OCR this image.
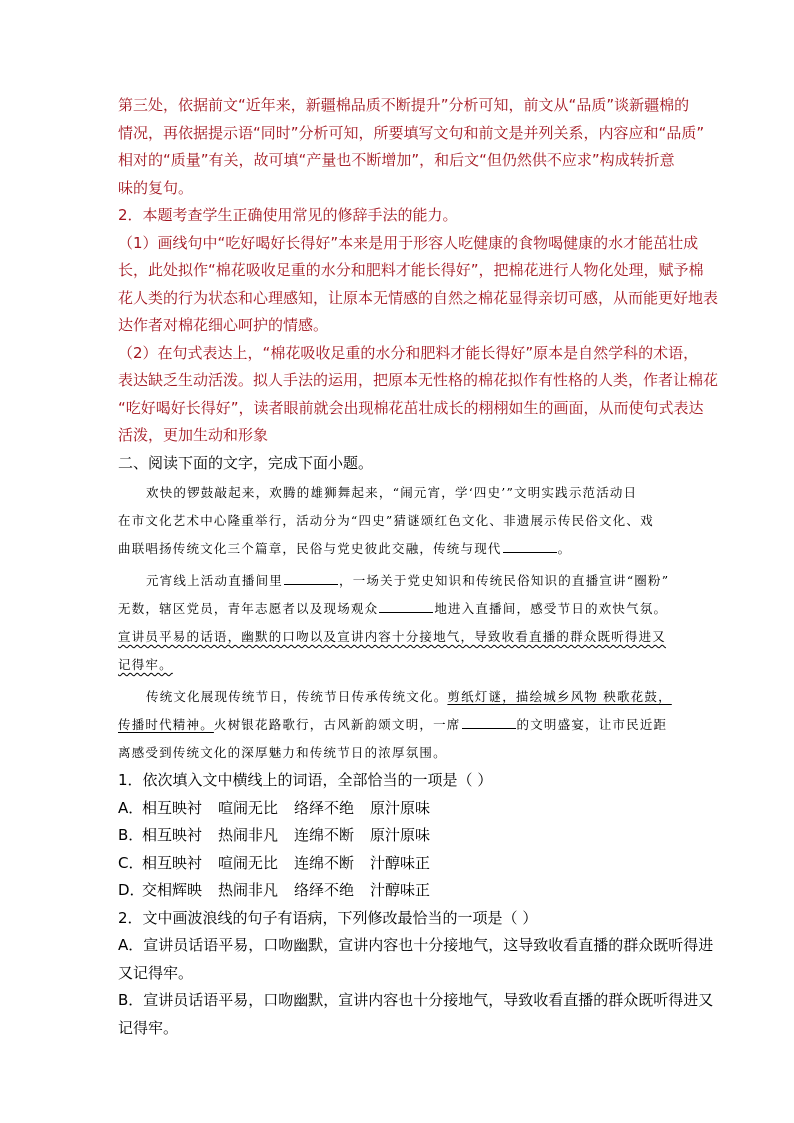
第三处，依据前文“近年来，新疆棉品质不断提升”分析可知，前文从“品质”谈新疆棉的
情况，再依据提示语“同时”分析可知，所要填写文句和前文是并列关系，内容应和“品质”
相对的“质量”有关，故可填“产量也不断增加”，和后文“但仍然供不应求”构成转折意
味的复句。
2．本题考查学生正确使用常见的修辞手法的能力。
（1）画线句中“吃好喝好长得好”本来是用于形容人吃健康的食物喝健康的水才能茁壮成
长，此处拟作“棉花吸收足重的水分和肥料才能长得好”，把棉花进行人物化处理，赋予棉
花人类的行为状态和心理感知，让原本无情感的自然之棉花显得亲切可感，从而能更好地表
达作者对棉花细心呵护的情感。
（2）在句式表达上，“棉花吸收足重的水分和肥料才能长得好”原本是自然学科的术语，
表达缺乏生动活泼。拟人手法的运用，把原本无性格的棉花拟作有性格的人类，作者让棉花
“吃好喝好长得好”，读者眼前就会出现棉花茁壮成长的栩栩如生的画面，从而使句式表达
活泼，更加生动和形象
二、阅读下面的文字，完成下面小题。
欢快的锣鼓敲起来，欢腾的雄狮舞起来，“闹元宵，学‘四史’”文明实践示范活动日
在市文化艺术中心隆重举行，活动分为“四史”猜谜颂红色文化、非遗展示传民俗文化、戏
曲联唱扬传统文化三个篇章，民俗与党史彼此交融，传统与现代	。
元宵线上活动直播间里	，一场关于党史知识和传统民俗知识的直播宣讲“圈粉”
无数，辖区党员，青年志愿者以及现场观众	地进入直播间，感受节日的欢快气氛。
宣讲员平易的话语，幽默的口吻以及宣讲内容十分接地气，导致收看直播的群众既听得进又
记得牢。
传统文化展现传统节日，传统节日传承传统文化。剪纸灯谜，描绘城乡风物 秧歌花鼓，
传播时代精神。火树银花路歌行，古风新韵颂文明，一席	的文明盛宴，让市民近距
离感受到传统文化的深厚魅力和传统节日的浓厚氛围。
1．依次填入文中横线上的词语，全部恰当的一项是（ ）
A．相互映衬 喧闹无比 络绎不绝 原汁原味
B．相互映衬 热闹非凡 连绵不断 原汁原味
C．相互映衬 喧闹无比 连绵不断 汁醇味正
D．交相辉映 热闹非凡 络绎不绝 汁醇味正
2．文中画波浪线的句子有语病，下列修改最恰当的一项是（ ）
A．宣讲员话语平易，口吻幽默，宣讲内容也十分接地气，这导致收看直播的群众既听得进
又记得牢。
B．宣讲员话语平易，口吻幽默，宣讲内容也十分接地气，导致收看直播的群众既听得进又
记得牢。
